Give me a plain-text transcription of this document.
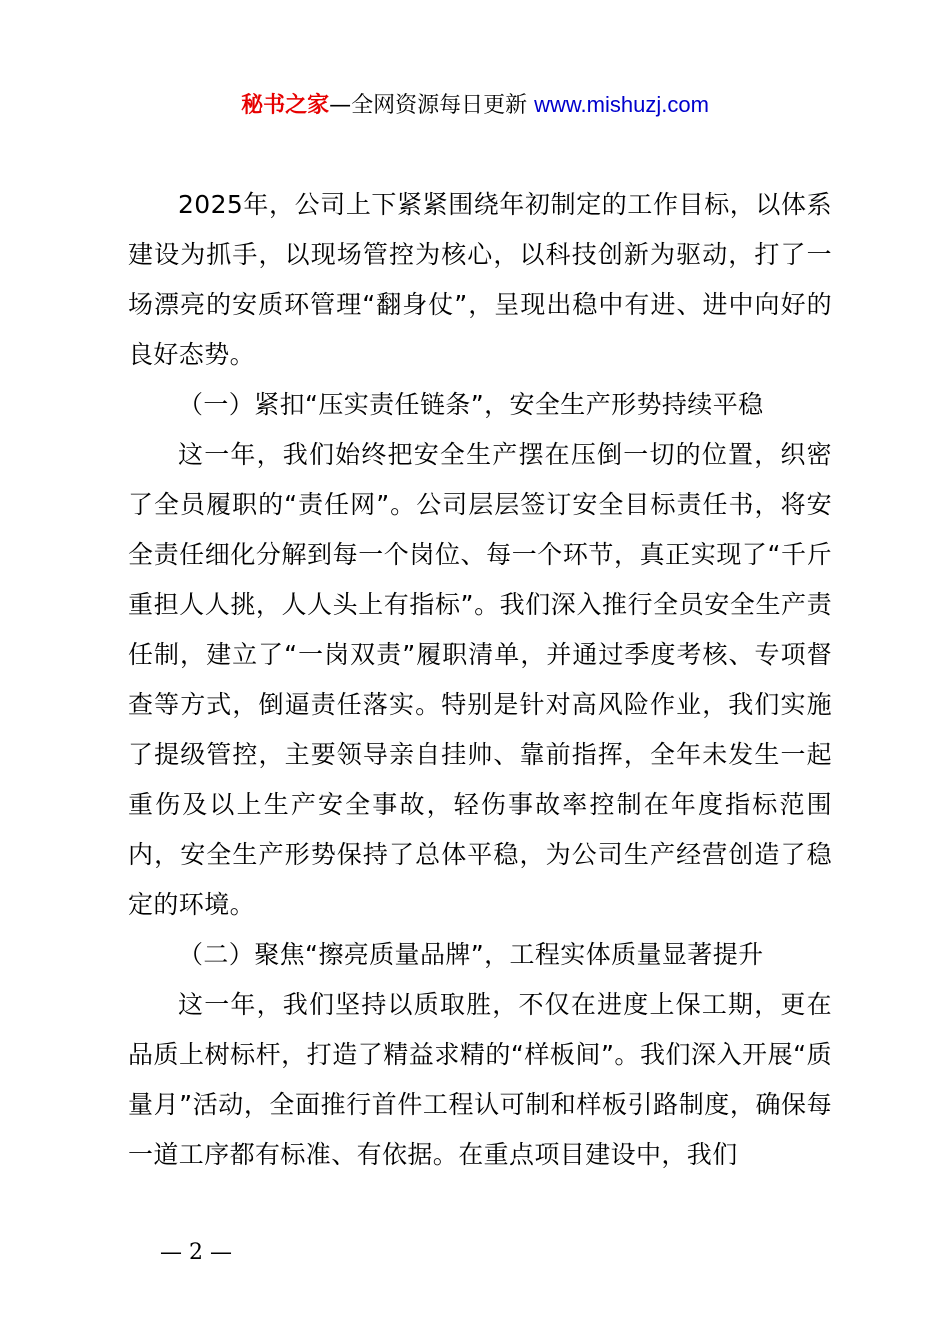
秘书之家—全网资源每日更新 www.mishuzj.com

2025年，公司上下紧紧围绕年初制定的工作目标，以体系建设为抓手，以现场管控为核心，以科技创新为驱动，打了一场漂亮的安质环管理“翻身仗”，呈现出稳中有进、进中向好的良好态势。

（一）紧扣“压实责任链条”，安全生产形势持续平稳

这一年，我们始终把安全生产摆在压倒一切的位置，织密了全员履职的“责任网”。公司层层签订安全目标责任书，将安全责任细化分解到每一个岗位、每一个环节，真正实现了“千斤重担人人挑，人人头上有指标”。我们深入推行全员安全生产责任制，建立了“一岗双责”履职清单，并通过季度考核、专项督查等方式，倒逼责任落实。特别是针对高风险作业，我们实施了提级管控，主要领导亲自挂帅、靠前指挥，全年未发生一起重伤及以上生产安全事故，轻伤事故率控制在年度指标范围内，安全生产形势保持了总体平稳，为公司生产经营创造了稳定的环境。

（二）聚焦“擦亮质量品牌”，工程实体质量显著提升

这一年，我们坚持以质取胜，不仅在进度上保工期，更在品质上树标杆，打造了精益求精的“样板间”。我们深入开展“质量月”活动，全面推行首件工程认可制和样板引路制度，确保每一道工序都有标准、有依据。在重点项目建设中，我们

— 2 —
